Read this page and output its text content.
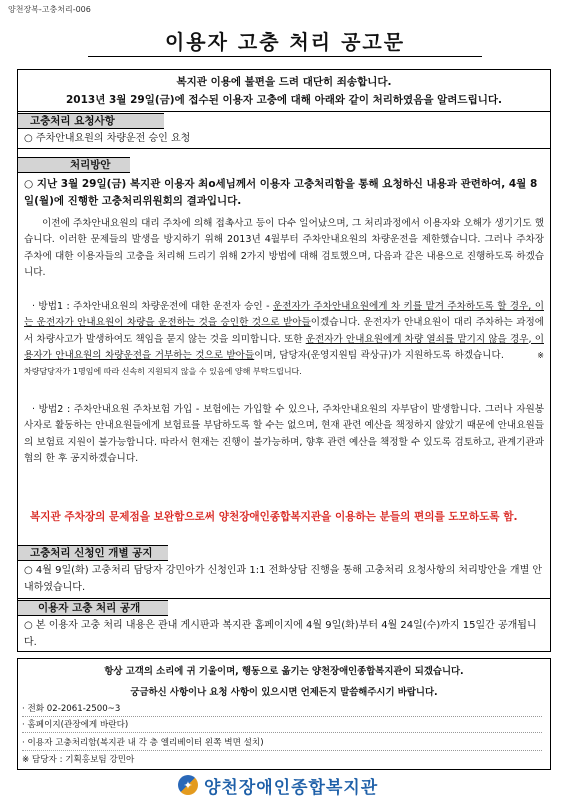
양천장복-고충처리-006
이용자 고충 처리 공고문
복지관 이용에 불편을 드려 대단히 죄송합니다.
2013년 3월 29일(금)에 접수된 이용자 고충에 대해 아래와 같이 처리하였음을 알려드립니다.
고충처리 요청사항
○ 주차안내요원의 차량운전 승인 요청
처리방안
○ 지난 3월 29일(금) 복지관 이용자 최o세님께서 이용자 고충처리함을 통해 요청하신 내용과 관련하여, 4월 8일(월)에 진행한 고충처리위원회의 결과입니다.
이전에 주차안내요원의 대리 주차에 의해 접촉사고 등이 다수 일어났으며, 그 처리과정에서 이용자와 오해가 생기기도 했습니다. 이러한 문제들의 발생을 방지하기 위해 2013년 4월부터 주차안내요원의 차량운전을 제한했습니다. 그러나 주차장 주차에 대한 이용자들의 고충을 처리해 드리기 위해 2가지 방법에 대해 검토했으며, 다음과 같은 내용으로 진행하도록 하겠습니다.
· 방법1 : 주차안내요원의 차량운전에 대한 운전자 승인 - 운전자가 주차안내요원에게 차 키를 맡겨 주차하도록 할 경우, 이는 운전자가 안내요원이 차량을 운전하는 것을 승인한 것으로 받아들이겠습니다. 운전자가 안내요원이 대리 주차하는 과정에서 차량사고가 발생하여도 책임을 묻지 않는 것을 의미합니다. 또한 운전자가 안내요원에게 차량 열쇠를 맡기지 않을 경우, 이용자가 안내요원의 차량운전을 거부하는 것으로 받아들이며, 담당자(운영지원팀 곽상규)가 지원하도록 하겠습니다.	※차량담당자가 1명임에 따라 신속히 지원되지 않을 수 있음에 양해 부탁드립니다.
· 방법2 : 주차안내요원 주차보험 가입 - 보험에는 가입할 수 있으나, 주차안내요원의 자부담이 발생합니다. 그러나 자원봉사자로 활동하는 안내요원들에게 보험료를 부담하도록 할 수는 없으며, 현재 관련 예산을 책정하지 않았기 때문에 안내요원들의 보험료 지원이 불가능합니다. 따라서 현재는 진행이 불가능하며, 향후 관련 예산을 책정할 수 있도록 검토하고, 관계기관과 협의 한 후 공지하겠습니다.
복지관 주차장의 문제점을 보완함으로써 양천장애인종합복지관을 이용하는 분들의 편의를 도모하도록 함.
고충처리 신청인 개별 공지
○ 4월 9일(화) 고충처리 담당자 강민아가 신청인과 1:1 전화상담 진행을 통해 고충처리 요청사항의 처리방안을 개별 안내하였습니다.
이용자 고충 처리 공개
○ 본 이용자 고충 처리 내용은 관내 게시판과 복지관 홈페이지에 4월 9일(화)부터 4월 24일(수)까지 15일간 공개됩니다.
항상 고객의 소리에 귀 기울이며, 행동으로 옮기는 양천장애인종합복지관이 되겠습니다.
궁금하신 사항이나 요청 사항이 있으시면 언제든지 말씀해주시기 바랍니다.
· 전화 02-2061-2500~3
· 홈페이지(관장에게 바란다)
· 이용자 고충처리함(복지관 내 각 층 엘리베이터 왼쪽 벽면 설치)
※ 담당자 : 기획홍보팀 강민아
✦ 양천장애인종합복지관
